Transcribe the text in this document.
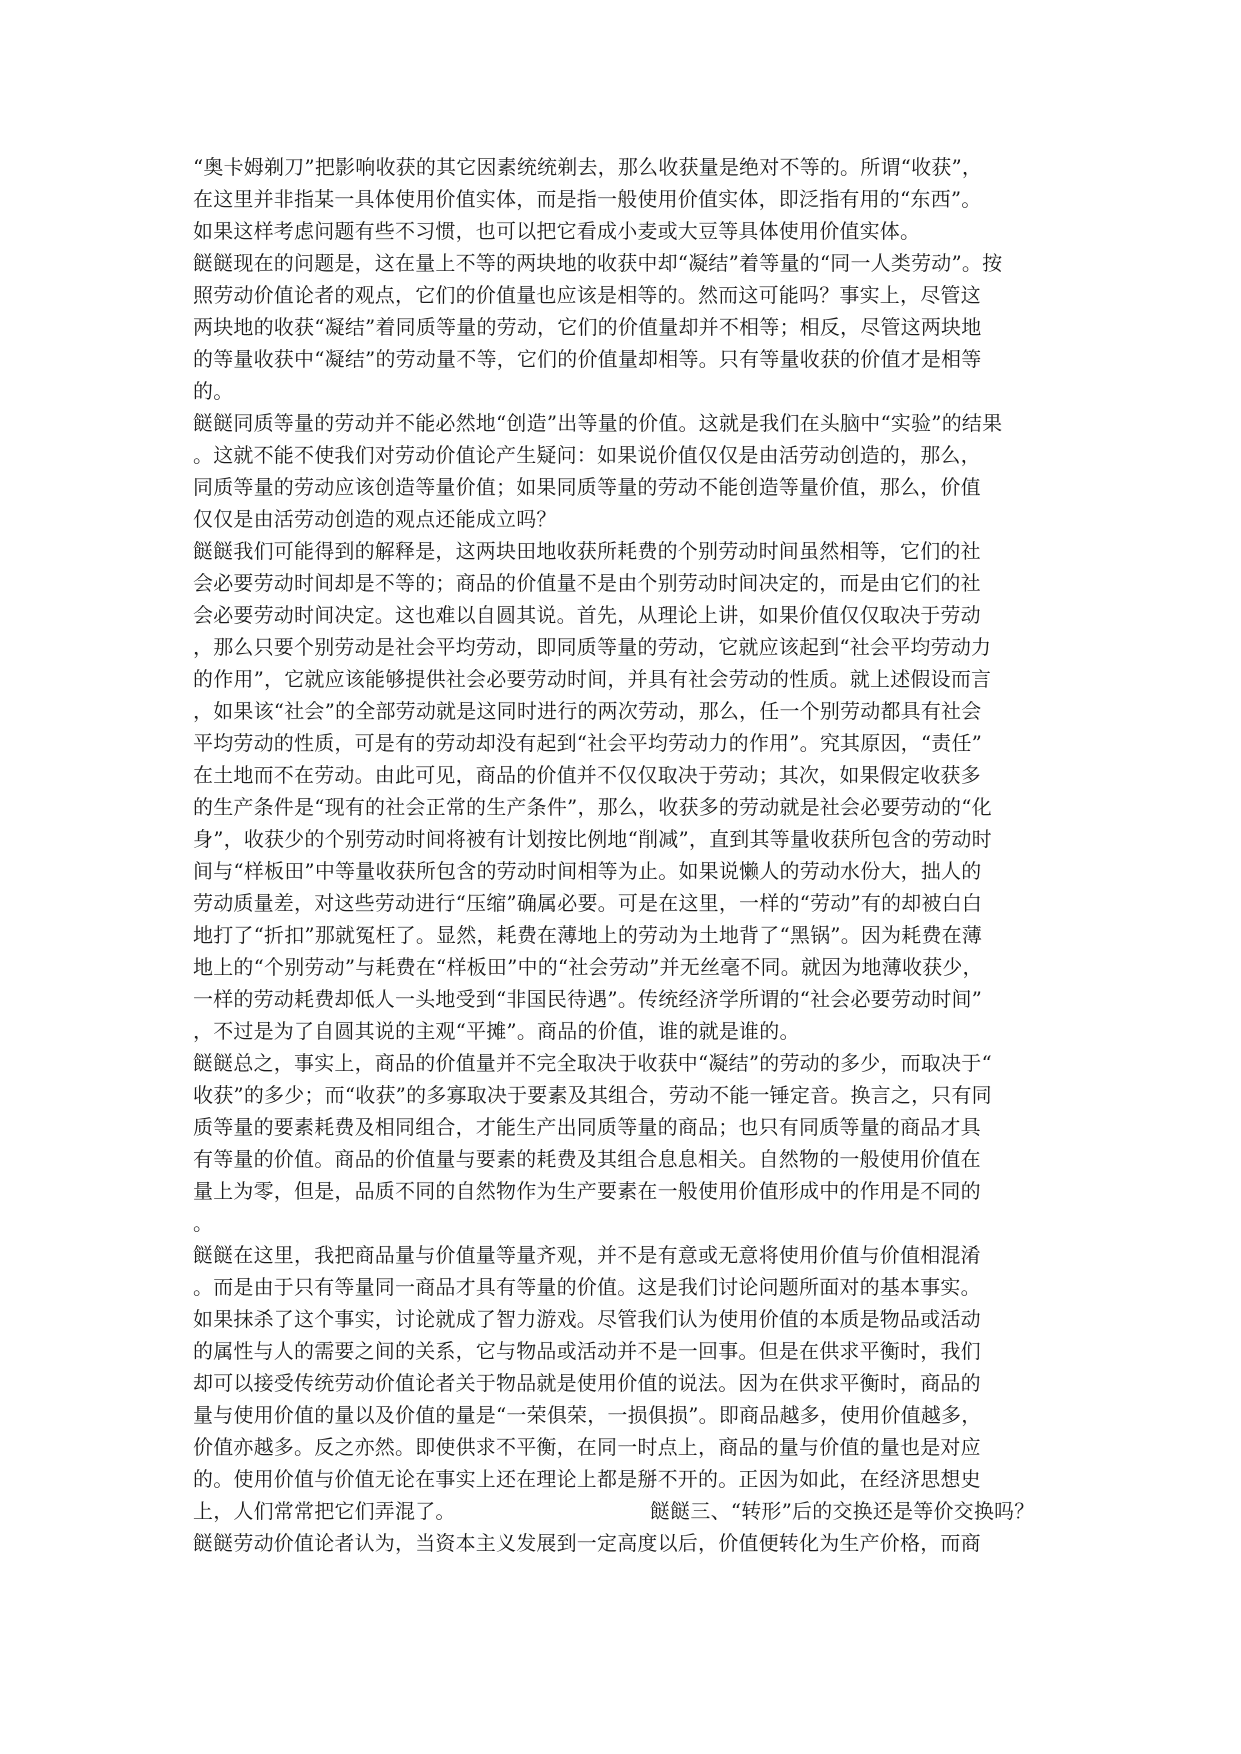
“奥卡姆剃刀”把影响收获的其它因素统统剃去，那么收获量是绝对不等的。所谓“收获”，
在这里并非指某一具体使用价值实体，而是指一般使用价值实体，即泛指有用的“东西”。
如果这样考虑问题有些不习惯，也可以把它看成小麦或大豆等具体使用价值实体。
餸餸现在的问题是，这在量上不等的两块地的收获中却“凝结”着等量的“同一人类劳动”。按
照劳动价值论者的观点，它们的价值量也应该是相等的。然而这可能吗？事实上，尽管这
两块地的收获“凝结”着同质等量的劳动，它们的价值量却并不相等；相反，尽管这两块地
的等量收获中“凝结”的劳动量不等，它们的价值量却相等。只有等量收获的价值才是相等
的。
餸餸同质等量的劳动并不能必然地“创造”出等量的价值。这就是我们在头脑中“实验”的结果
。这就不能不使我们对劳动价值论产生疑问：如果说价值仅仅是由活劳动创造的，那么，
同质等量的劳动应该创造等量价值；如果同质等量的劳动不能创造等量价值，那么，价值
仅仅是由活劳动创造的观点还能成立吗？
餸餸我们可能得到的解释是，这两块田地收获所耗费的个别劳动时间虽然相等，它们的社
会必要劳动时间却是不等的；商品的价值量不是由个别劳动时间决定的，而是由它们的社
会必要劳动时间决定。这也难以自圆其说。首先，从理论上讲，如果价值仅仅取决于劳动
，那么只要个别劳动是社会平均劳动，即同质等量的劳动，它就应该起到“社会平均劳动力
的作用”，它就应该能够提供社会必要劳动时间，并具有社会劳动的性质。就上述假设而言
，如果该“社会”的全部劳动就是这同时进行的两次劳动，那么，任一个别劳动都具有社会
平均劳动的性质，可是有的劳动却没有起到“社会平均劳动力的作用”。究其原因，“责任”
在土地而不在劳动。由此可见，商品的价值并不仅仅取决于劳动；其次，如果假定收获多
的生产条件是“现有的社会正常的生产条件”，那么，收获多的劳动就是社会必要劳动的“化
身”，收获少的个别劳动时间将被有计划按比例地“削减”，直到其等量收获所包含的劳动时
间与“样板田”中等量收获所包含的劳动时间相等为止。如果说懒人的劳动水份大，拙人的
劳动质量差，对这些劳动进行“压缩”确属必要。可是在这里，一样的“劳动”有的却被白白
地打了“折扣”那就冤枉了。显然，耗费在薄地上的劳动为土地背了“黑锅”。因为耗费在薄
地上的“个别劳动”与耗费在“样板田”中的“社会劳动”并无丝毫不同。就因为地薄收获少，
一样的劳动耗费却低人一头地受到“非国民待遇”。传统经济学所谓的“社会必要劳动时间”
，不过是为了自圆其说的主观“平摊”。商品的价值，谁的就是谁的。
餸餸总之，事实上，商品的价值量并不完全取决于收获中“凝结”的劳动的多少，而取决于“
收获”的多少；而“收获”的多寡取决于要素及其组合，劳动不能一锤定音。换言之，只有同
质等量的要素耗费及相同组合，才能生产出同质等量的商品；也只有同质等量的商品才具
有等量的价值。商品的价值量与要素的耗费及其组合息息相关。自然物的一般使用价值在
量上为零，但是，品质不同的自然物作为生产要素在一般使用价值形成中的作用是不同的
。
餸餸在这里，我把商品量与价值量等量齐观，并不是有意或无意将使用价值与价值相混淆
。而是由于只有等量同一商品才具有等量的价值。这是我们讨论问题所面对的基本事实。
如果抹杀了这个事实，讨论就成了智力游戏。尽管我们认为使用价值的本质是物品或活动
的属性与人的需要之间的关系，它与物品或活动并不是一回事。但是在供求平衡时，我们
却可以接受传统劳动价值论者关于物品就是使用价值的说法。因为在供求平衡时，商品的
量与使用价值的量以及价值的量是“一荣俱荣，一损俱损”。即商品越多，使用价值越多，
价值亦越多。反之亦然。即使供求不平衡，在同一时点上，商品的量与价值的量也是对应
的。使用价值与价值无论在事实上还在理论上都是掰不开的。正因为如此，在经济思想史
上，人们常常把它们弄混了。	餸餸三、“转形”后的交换还是等价交换吗？
餸餸劳动价值论者认为，当资本主义发展到一定高度以后，价值便转化为生产价格，而商
